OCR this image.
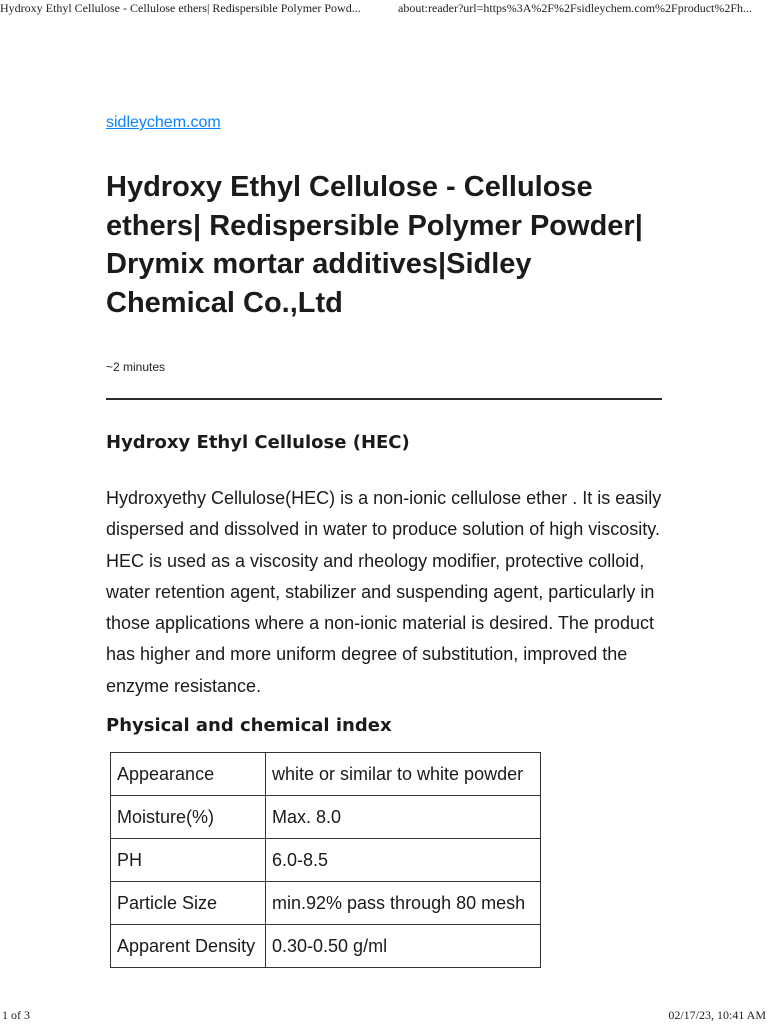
Hydroxy Ethyl Cellulose - Cellulose ethers| Redispersible Polymer Powd...	about:reader?url=https%3A%2F%2Fsidleychem.com%2Fproduct%2Fh...
sidleychem.com
Hydroxy Ethyl Cellulose - Cellulose ethers| Redispersible Polymer Powder| Drymix mortar additives|Sidley Chemical Co.,Ltd
~2 minutes
Hydroxy Ethyl Cellulose (HEC)

Hydroxyethy Cellulose(HEC) is a non-ionic cellulose ether . It is easily dispersed and dissolved in water to produce solution of high viscosity. HEC is used as a viscosity and rheology modifier, protective colloid, water retention agent, stabilizer and suspending agent, particularly in those applications where a non-ionic material is desired. The product has higher and more uniform degree of substitution, improved the enzyme resistance.

Physical and chemical index
Appearance	white or similar to white powder
Moisture(%)	Max. 8.0
PH	6.0-8.5
Particle Size	min.92% pass through 80 mesh
Apparent Density	0.30-0.50 g/ml
1 of 3	02/17/23, 10:41 AM
